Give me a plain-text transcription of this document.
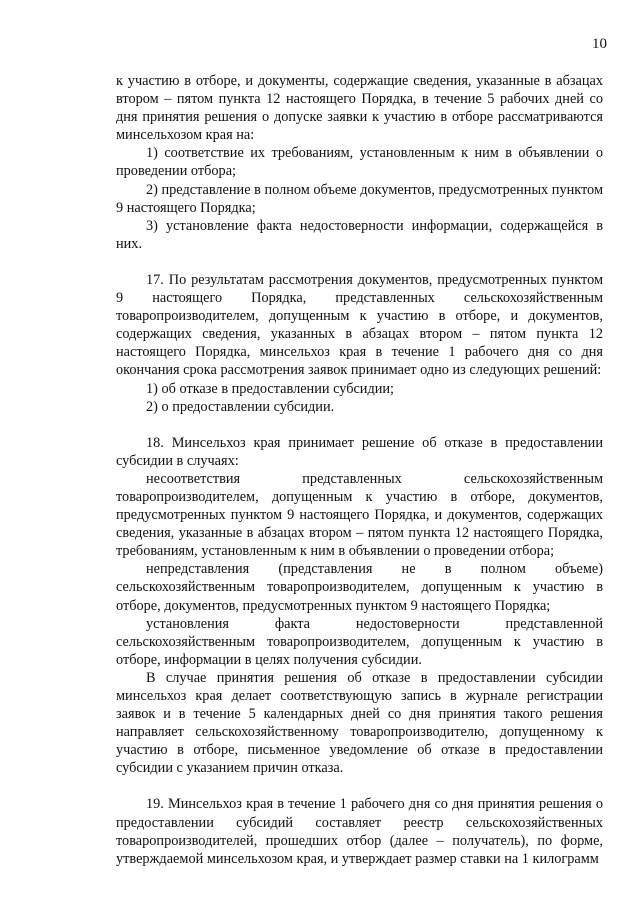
10

к участию в отборе, и документы, содержащие сведения, указанные в абзацах втором – пятом пункта 12 настоящего Порядка, в течение 5 рабочих дней со дня принятия решения о допуске заявки к участию в отборе рассматриваются минсельхозом края на:

1) соответствие их требованиям, установленным к ним в объявлении о проведении отбора;

2) представление в полном объеме документов, предусмотренных пунктом 9 настоящего Порядка;

3) установление факта недостоверности информации, содержащейся в них.

17. По результатам рассмотрения документов, предусмотренных пунктом 9 настоящего Порядка, представленных сельскохозяйственным товаропроизводителем, допущенным к участию в отборе, и документов, содержащих сведения, указанных в абзацах втором – пятом пункта 12 настоящего Порядка, минсельхоз края в течение 1 рабочего дня со дня окончания срока рассмотрения заявок принимает одно из следующих решений:

1) об отказе в предоставлении субсидии;

2) о предоставлении субсидии.

18. Минсельхоз края принимает решение об отказе в предоставлении субсидии в случаях:

несоответствия представленных сельскохозяйственным товаропроизводителем, допущенным к участию в отборе, документов, предусмотренных пунктом 9 настоящего Порядка, и документов, содержащих сведения, указанные в абзацах втором – пятом пункта 12 настоящего Порядка, требованиям, установленным к ним в объявлении о проведении отбора;

непредставления (представления не в полном объеме) сельскохозяйственным товаропроизводителем, допущенным к участию в отборе, документов, предусмотренных пунктом 9 настоящего Порядка;

установления факта недостоверности представленной сельскохозяйственным товаропроизводителем, допущенным к участию в отборе, информации в целях получения субсидии.

В случае принятия решения об отказе в предоставлении субсидии минсельхоз края делает соответствующую запись в журнале регистрации заявок и в течение 5 календарных дней со дня принятия такого решения направляет сельскохозяйственному товаропроизводителю, допущенному к участию в отборе, письменное уведомление об отказе в предоставлении субсидии с указанием причин отказа.

19. Минсельхоз края в течение 1 рабочего дня со дня принятия решения о предоставлении субсидий составляет реестр сельскохозяйственных товаропроизводителей, прошедших отбор (далее – получатель), по форме, утверждаемой минсельхозом края, и утверждает размер ставки на 1 килограмм
